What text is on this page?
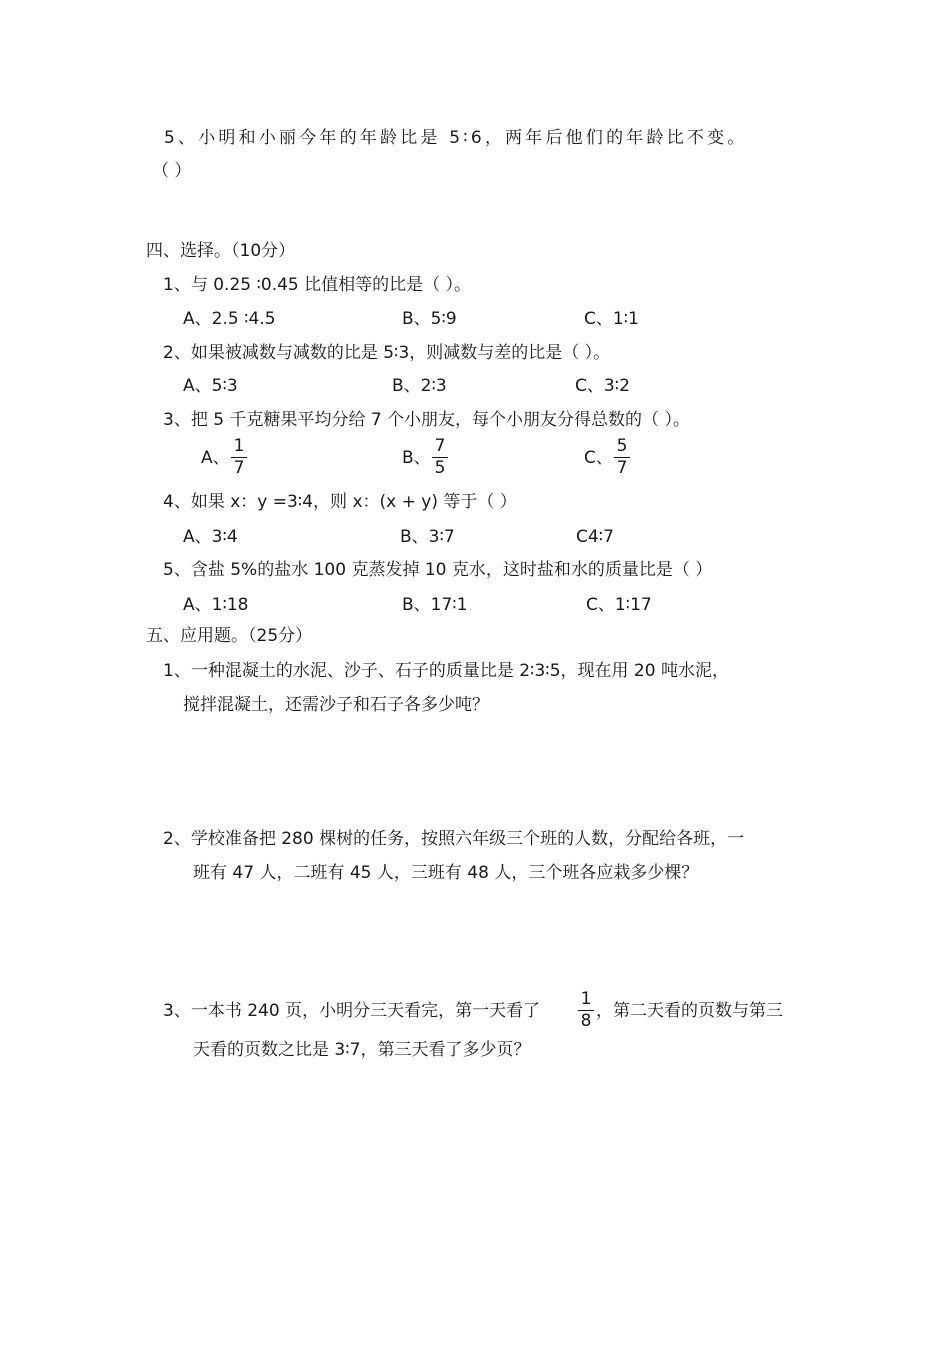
5、小明和小丽今年的年龄比是 5∶6，两年后他们的年龄比不变。
（ ）
四、选择。（10分）
1、与 0.25 ∶0.45 比值相等的比是（ ）。
A、2.5 ∶4.5	B、5∶9	C、1∶1
2、如果被减数与减数的比是 5∶3，则减数与差的比是（ ）。
A、5∶3	B、2∶3	C、3∶2
3、把 5 千克糖果平均分给 7 个小朋友，每个小朋友分得总数的（ ）。
A、
1
7	B、
7
5	C、
5
7
4、如果 x：y =3∶4，则 x：(x + y) 等于（ ）
A、3∶4	B、3∶7	C4∶7
5、含盐 5%的盐水 100 克蒸发掉 10 克水，这时盐和水的质量比是（ ）
A、1∶18	B、17∶1	C、1∶17
五、应用题。（25分）
1、一种混凝土的水泥、沙子、石子的质量比是 2∶3∶5，现在用 20 吨水泥，
搅拌混凝土，还需沙子和石子各多少吨？
2、学校准备把 280 棵树的任务，按照六年级三个班的人数，分配给各班，一
班有 47 人，二班有 45 人，三班有 48 人，三个班各应栽多少棵？
3、一本书 240 页，小明分三天看完，第一天看了
1
8 ，第二天看的页数与第三
天看的页数之比是 3∶7，第三天看了多少页？
